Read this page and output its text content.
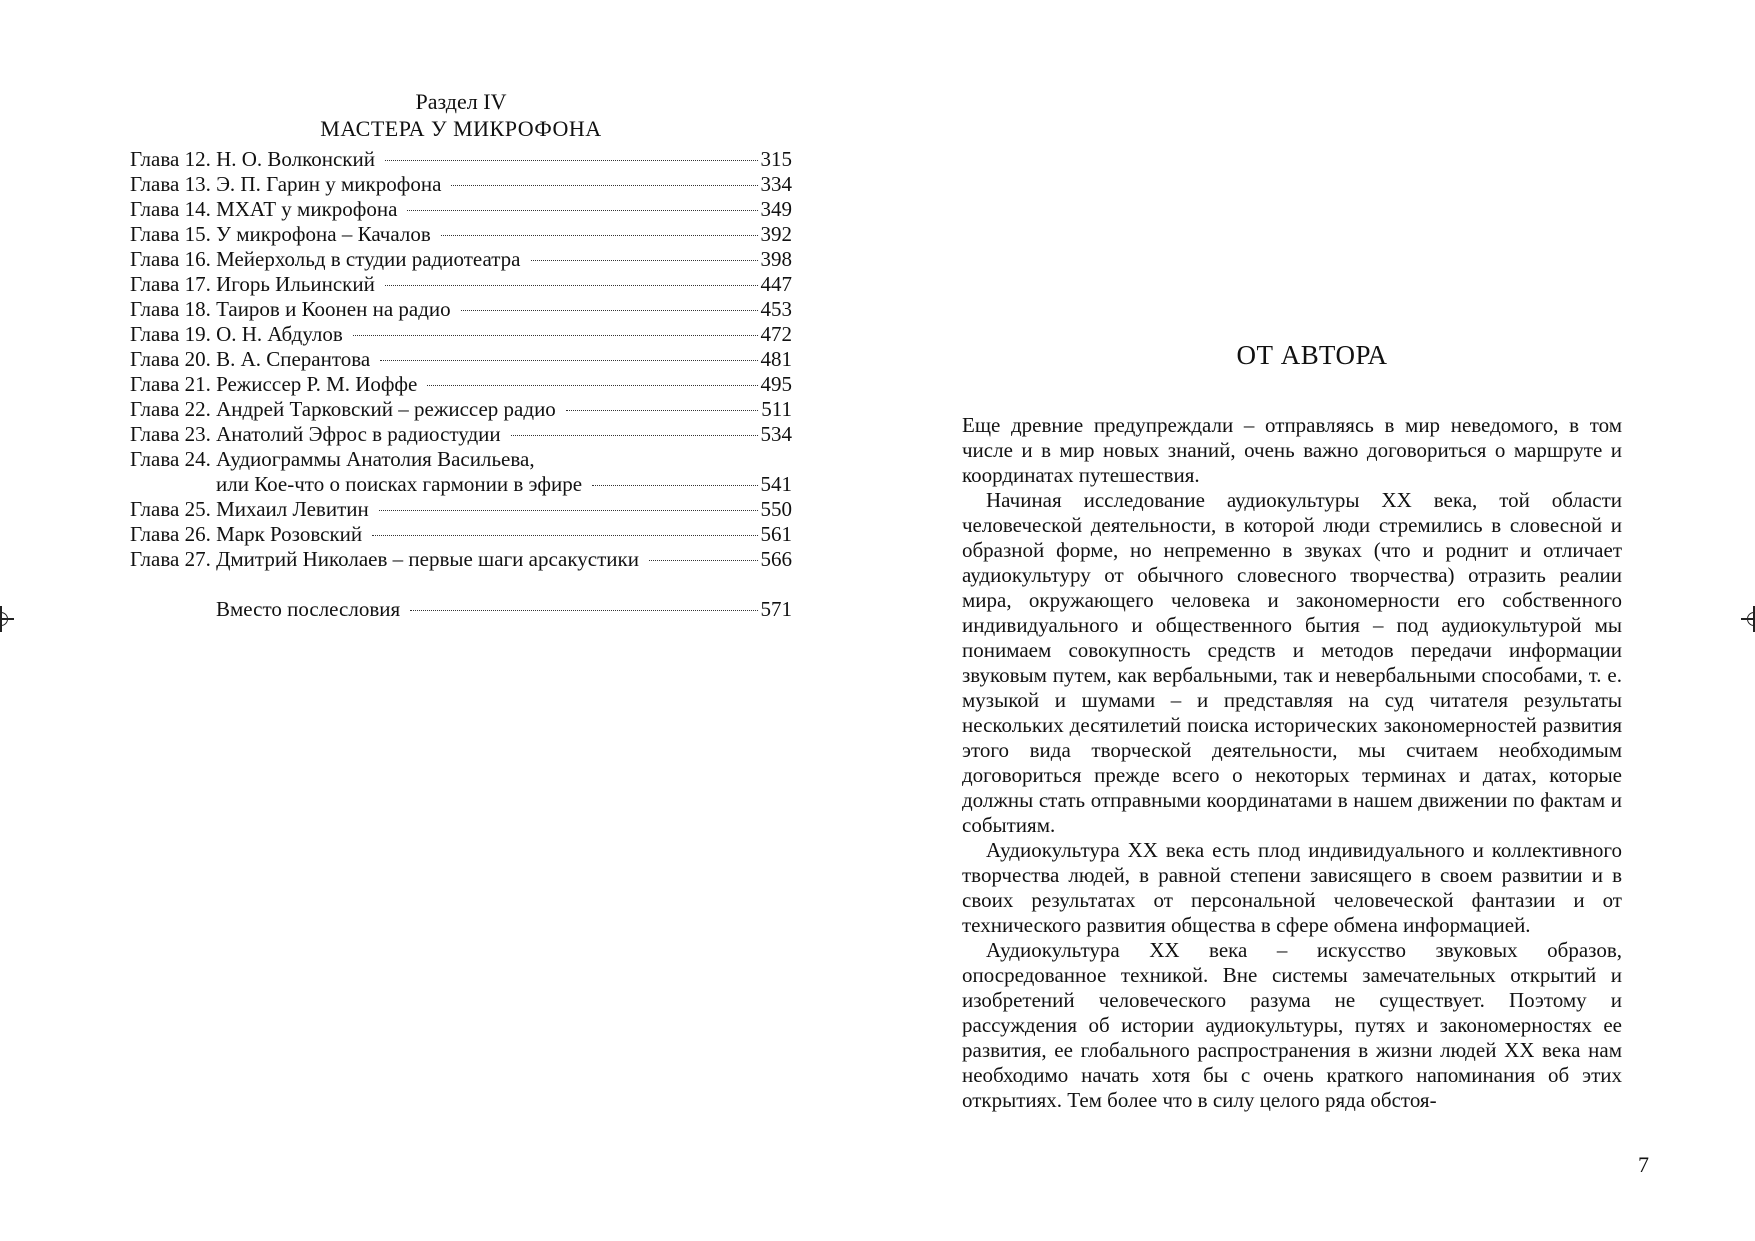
Раздел IV
МАСТЕРА У МИКРОФОНА
Глава 12. Н. О. Волконский	315
Глава 13. Э. П. Гарин у микрофона	334
Глава 14. МХАТ у микрофона	349
Глава 15. У микрофона – Качалов	392
Глава 16. Мейерхольд в студии радиотеатра	398
Глава 17. Игорь Ильинский	447
Глава 18. Таиров и Коонен на радио	453
Глава 19. О. Н. Абдулов	472
Глава 20. В. А. Сперантова	481
Глава 21. Режиссер Р. М. Иоффе	495
Глава 22. Андрей Тарковский – режиссер радио	511
Глава 23. Анатолий Эфрос в радиостудии	534
Глава 24. Аудиограммы Анатолия Васильева,
или Кое-что о поисках гармонии в эфире	541
Глава 25. Михаил Левитин	550
Глава 26. Марк Розовский	561
Глава 27. Дмитрий Николаев – первые шаги арсакустики	566
Вместо послесловия	571
ОТ АВТОРА

Еще древние предупреждали – отправляясь в мир неведомого, в том числе и в мир новых знаний, очень важно договориться о маршруте и координатах путешествия.

Начиная исследование аудиокультуры XX века, той области человеческой деятельности, в которой люди стремились в словесной и образной форме, но непременно в звуках (что и роднит и отличает аудиокультуру от обычного словесного творчества) отразить реалии мира, окружающего человека и закономерности его собственного индивидуального и общественного бытия – под аудиокультурой мы понимаем совокупность средств и методов передачи информации звуковым путем, как вербальными, так и невербальными способами, т. е. музыкой и шумами – и представляя на суд читателя результаты нескольких десятилетий поиска исторических закономерностей развития этого вида творческой деятельности, мы считаем необходимым договориться прежде всего о некоторых терминах и датах, которые должны стать отправными координатами в нашем движении по фактам и событиям.

Аудиокультура XX века есть плод индивидуального и коллективного творчества людей, в равной степени зависящего в своем развитии и в своих результатах от персональной человеческой фантазии и от технического развития общества в сфере обмена информацией.

Аудиокультура XX века – искусство звуковых образов, опосредованное техникой. Вне системы замечательных открытий и изобретений человеческого разума не существует. Поэтому и рассуждения об истории аудиокультуры, путях и закономерностях ее развития, ее глобального распространения в жизни людей XX века нам необходимо начать хотя бы с очень краткого напоминания об этих открытиях. Тем более что в силу целого ряда обстоя-

7
